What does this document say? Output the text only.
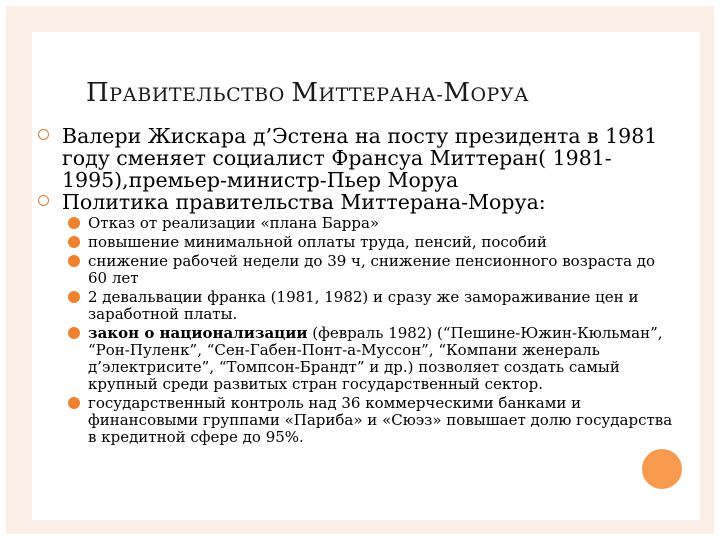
ПРАВИТЕЛЬСТВО МИТТЕРАНА-МОРУА
Валери Жискара д’Эстена на посту президента в 1981 году сменяет социалист Франсуа Миттеран( 1981-1995),премьер-министр-Пьер Моруа
Политика правительства Миттерана-Моруа:
Отказ от реализации «плана Барра»
повышение минимальной оплаты труда, пенсий, пособий
снижение рабочей недели до 39 ч, снижение пенсионного возраста до 60 лет
2 девальвации франка (1981, 1982) и сразу же замораживание цен и заработной платы.
закон о национализации (февраль 1982) (“Пешине-Южин-Кюльман”, “Рон-Пуленк”, “Сен-Габен-Понт-а-Муссон”, “Компани женераль д’электрисите”, “Томпсон-Брандт” и др.) позволяет создать самый крупный среди развитых стран государственный сектор.
государственный контроль над 36 коммерческими банками и финансовыми группами «Париба» и «Сюэз» повышает долю государства в кредитной сфере до 95%.
